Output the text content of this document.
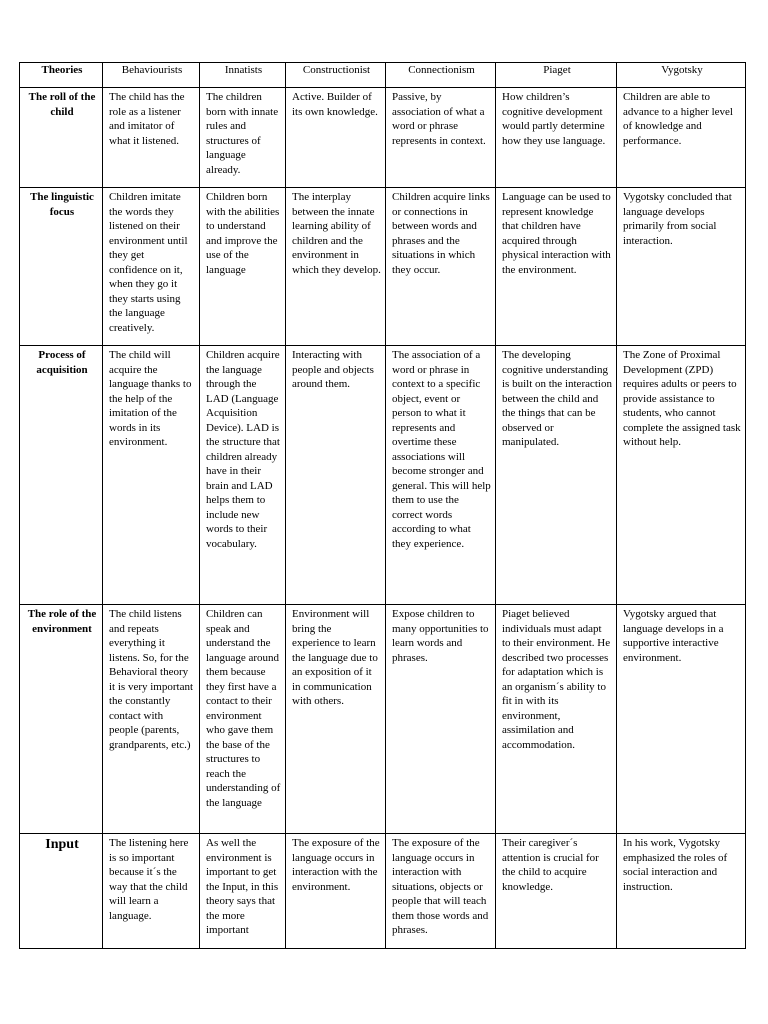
Theories	Behaviourists	Innatists	Constructionist	Connectionism	Piaget	Vygotsky
The roll of the child	The child has the role as a listener and imitator of what it listened.	The children born with innate rules and structures of language already.	Active. Builder of its own knowledge.	Passive, by association of what a word or phrase represents in context.	How children’s cognitive development would partly determine how they use language.	Children are able to advance to a higher level of knowledge and performance.
The linguistic focus	Children imitate the words they listened on their environment until they get confidence on it, when they go it they starts using the language creatively.	Children born with the abilities to understand and improve the use of the language	The interplay between the innate learning ability of children and the environment in which they develop.	Children acquire links or connections in between words and phrases and the situations in which they occur.	Language can be used to represent knowledge that children have acquired through physical interaction with the environment.	Vygotsky concluded that language develops primarily from social interaction.
Process of acquisition	The child will acquire the language thanks to the help of the imitation of the words in its environment.	Children acquire the language through the LAD (Language Acquisition Device). LAD is the structure that children already have in their brain and LAD helps them to include new words to their vocabulary.	Interacting with people and objects around them.	The association of a word or phrase in context to a specific object, event or person to what it represents and overtime these associations will become stronger and general. This will help them to use the correct words according to what they experience.	The developing cognitive understanding is built on the interaction between the child and the things that can be observed or manipulated.	The Zone of Proximal Development (ZPD) requires adults or peers to provide assistance to students, who cannot complete the assigned task without help.
The role of the environment	The child listens and repeats everything it listens. So, for the Behavioral theory it is very important the constantly contact with people (parents, grandparents, etc.)	Children can speak and understand the language around them because they first have a contact to their environment who gave them the base of the structures to reach the understanding of the language	Environment will bring the experience to learn the language due to an exposition of it in communication with others.	Expose children to many opportunities to learn words and phrases.	Piaget believed individuals must adapt to their environment. He described two processes for adaptation which is an organism´s ability to fit in with its environment, assimilation and accommodation.	Vygotsky argued that language develops in a supportive interactive environment.
Input	The listening here is so important because it´s the way that the child will learn a language.	As well the environment is important to get the Input, in this theory says that the more important	The exposure of the language occurs in interaction with the environment.	The exposure of the language occurs in interaction with situations, objects or people that will teach them those words and phrases.	Their caregiver´s attention is crucial for the child to acquire knowledge.	In his work, Vygotsky emphasized the roles of social interaction and instruction.
